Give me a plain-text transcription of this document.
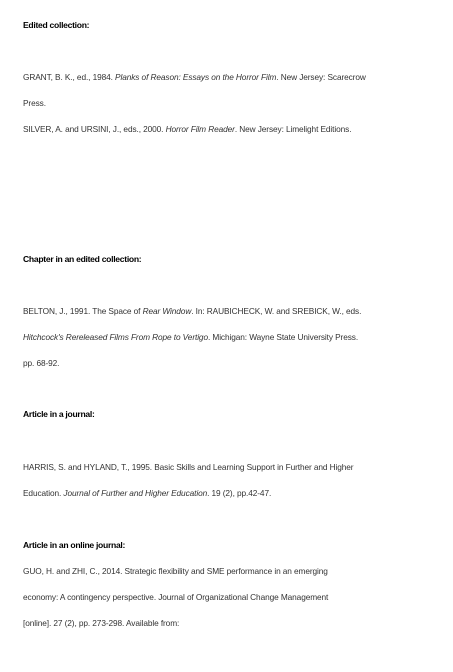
Edited collection:
GRANT, B. K., ed., 1984. Planks of Reason: Essays on the Horror Film. New Jersey: Scarecrow
Press.
SILVER, A. and URSINI, J., eds., 2000. Horror Film Reader. New Jersey: Limelight Editions.
Chapter in an edited collection:
BELTON, J., 1991. The Space of Rear Window. In: RAUBICHECK, W. and SREBICK, W., eds.
Hitchcock's Rereleased Films From Rope to Vertigo. Michigan: Wayne State University Press.
pp. 68-92.
Article in a journal:
HARRIS, S. and HYLAND, T., 1995. Basic Skills and Learning Support in Further and Higher
Education. Journal of Further and Higher Education. 19 (2), pp.42-47.
Article in an online journal:
GUO, H. and ZHI, C., 2014. Strategic flexibility and SME performance in an emerging
economy: A contingency perspective. Journal of Organizational Change Management
[online]. 27 (2), pp. 273-298. Available from:
